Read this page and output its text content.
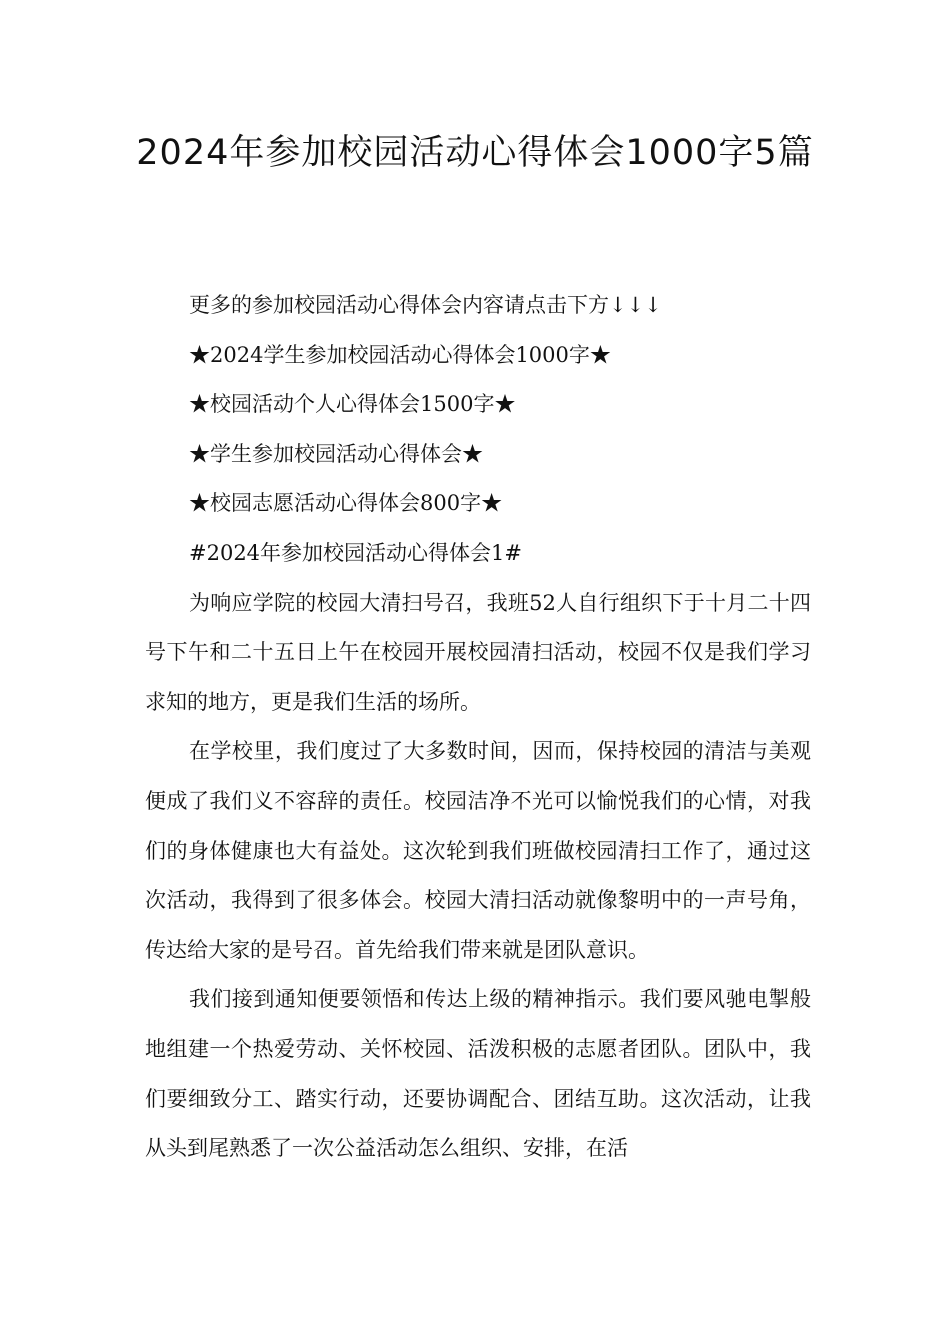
2024年参加校园活动心得体会1000字5篇

更多的参加校园活动心得体会内容请点击下方↓↓↓

★2024学生参加校园活动心得体会1000字★

★校园活动个人心得体会1500字★

★学生参加校园活动心得体会★

★校园志愿活动心得体会800字★

#2024年参加校园活动心得体会1#

为响应学院的校园大清扫号召，我班52人自行组织下于十月二十四号下午和二十五日上午在校园开展校园清扫活动，校园不仅是我们学习求知的地方，更是我们生活的场所。

在学校里，我们度过了大多数时间，因而，保持校园的清洁与美观便成了我们义不容辞的责任。校园洁净不光可以愉悦我们的心情，对我们的身体健康也大有益处。这次轮到我们班做校园清扫工作了，通过这次活动，我得到了很多体会。校园大清扫活动就像黎明中的一声号角，传达给大家的是号召。首先给我们带来就是团队意识。

我们接到通知便要领悟和传达上级的精神指示。我们要风驰电掣般地组建一个热爱劳动、关怀校园、活泼积极的志愿者团队。团队中，我们要细致分工、踏实行动，还要协调配合、团结互助。这次活动，让我从头到尾熟悉了一次公益活动怎么组织、安排，在活
